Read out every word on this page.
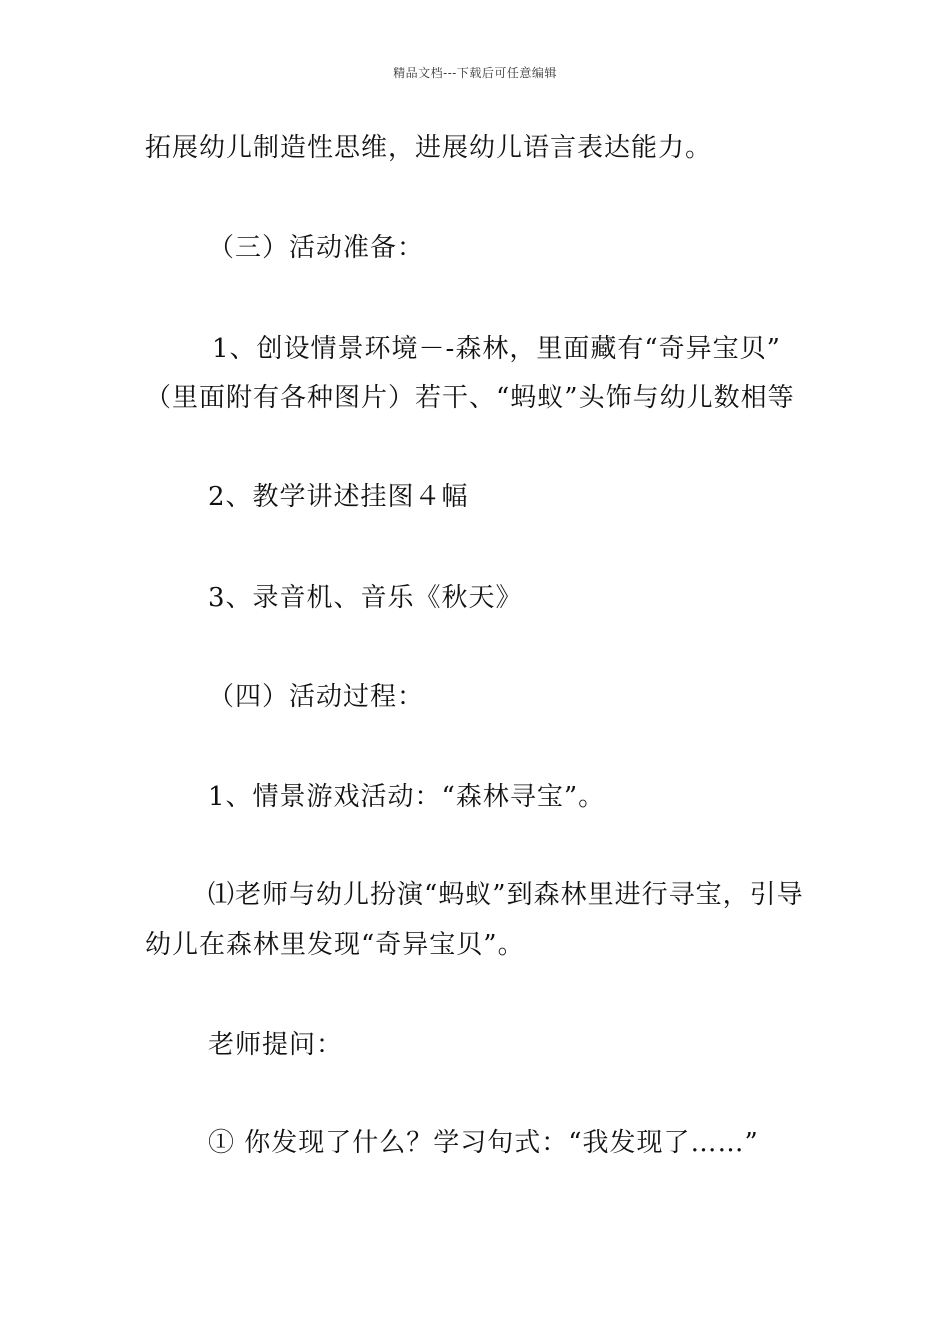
精品文档---下载后可任意编辑
拓展幼儿制造性思维，进展幼儿语言表达能力。
（三）活动准备：
1、创设情景环境－-森林，里面藏有“奇异宝贝”
（里面附有各种图片）若干、“蚂蚁”头饰与幼儿数相等
2、教学讲述挂图４幅
3、录音机、音乐《秋天》
（四）活动过程：
1、情景游戏活动：“森林寻宝”。
⑴老师与幼儿扮演“蚂蚁”到森林里进行寻宝，引导
幼儿在森林里发现“奇异宝贝”。
老师提问：
① 你发现了什么？学习句式：“我发现了……”
